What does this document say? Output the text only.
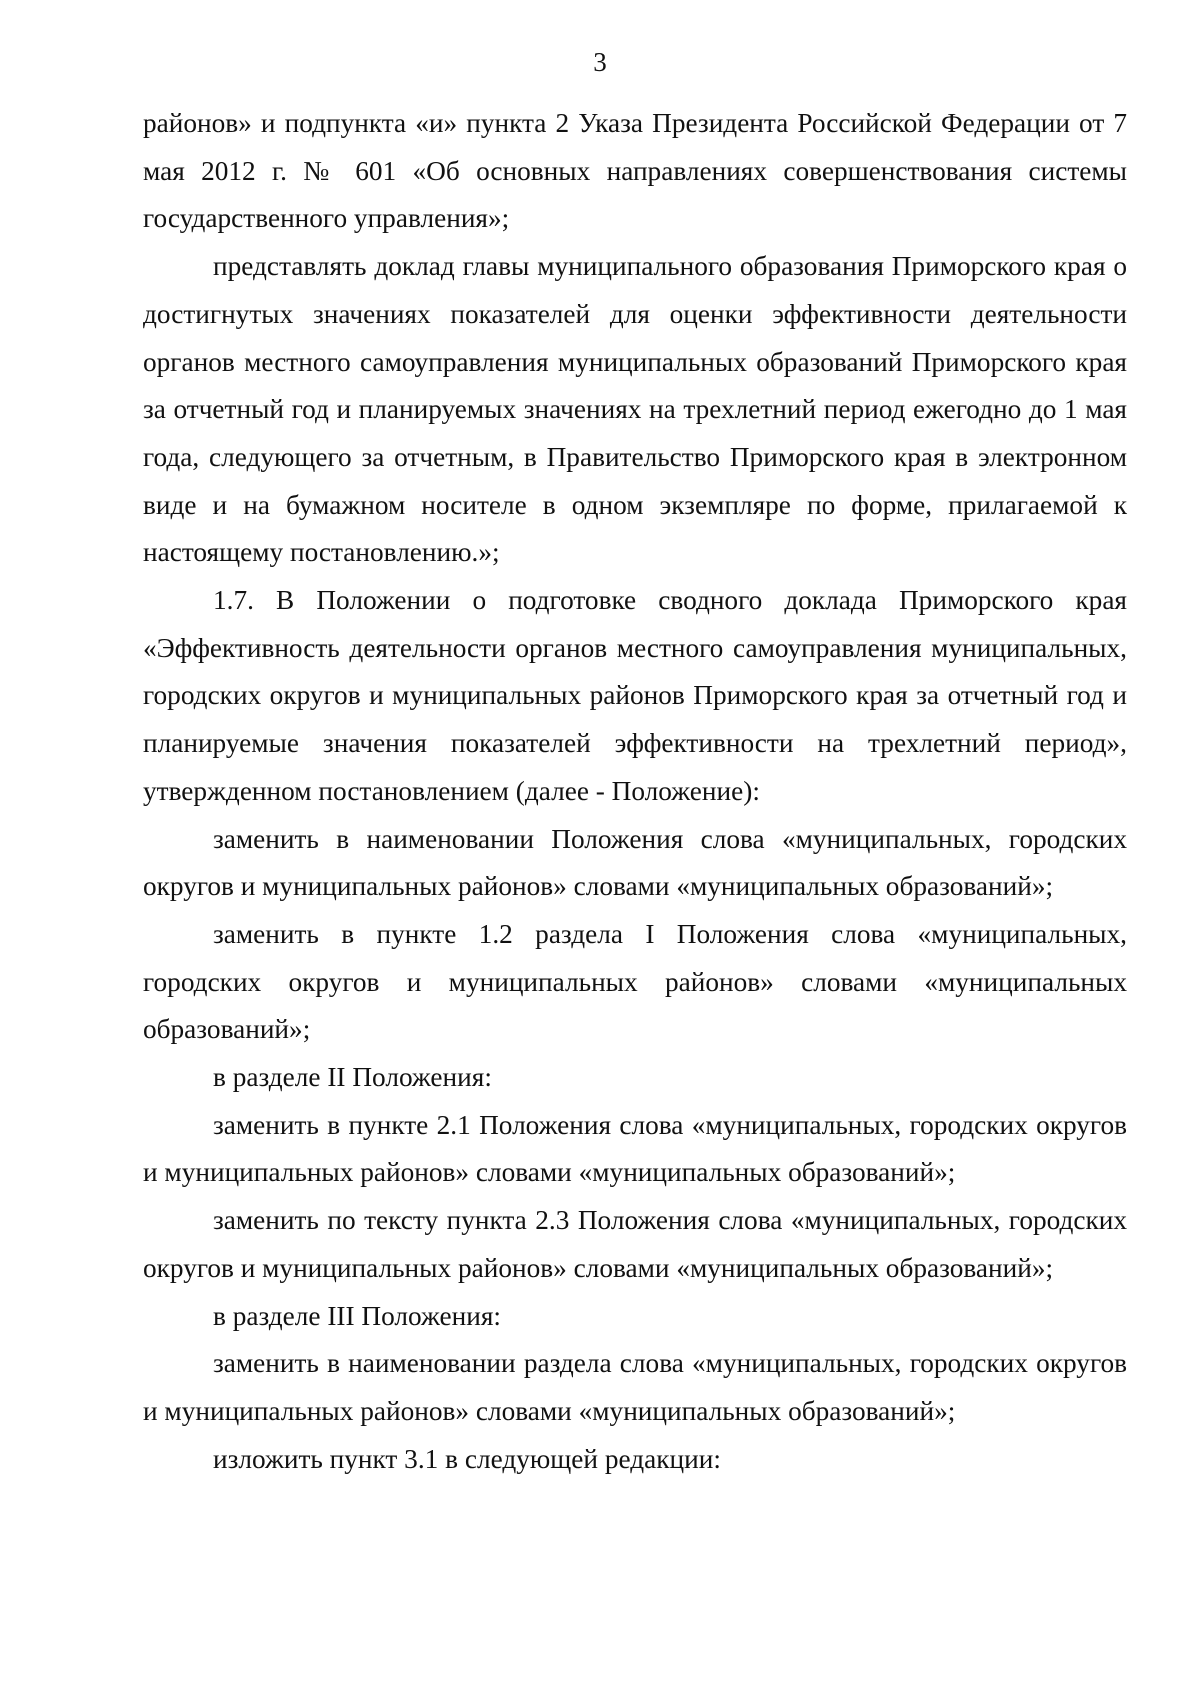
3

районов» и подпункта «и» пункта 2 Указа Президента Российской Федерации от 7 мая 2012 г. № 601 «Об основных направлениях совершенствования системы государственного управления»;

представлять доклад главы муниципального образования Приморского края о достигнутых значениях показателей для оценки эффективности деятельности органов местного самоуправления муниципальных образований Приморского края за отчетный год и планируемых значениях на трехлетний период ежегодно до 1 мая года, следующего за отчетным, в Правительство Приморского края в электронном виде и на бумажном носителе в одном экземпляре по форме, прилагаемой к настоящему постановлению.»;

1.7. В Положении о подготовке сводного доклада Приморского края «Эффективность деятельности органов местного самоуправления муниципальных, городских округов и муниципальных районов Приморского края за отчетный год и планируемые значения показателей эффективности на трехлетний период», утвержденном постановлением (далее - Положение):

заменить в наименовании Положения слова «муниципальных, городских округов и муниципальных районов» словами «муниципальных образований»;

заменить в пункте 1.2 раздела I Положения слова «муниципальных, городских округов и муниципальных районов» словами «муниципальных образований»;

в разделе II Положения:

заменить в пункте 2.1 Положения слова «муниципальных, городских округов и муниципальных районов» словами «муниципальных образований»;

заменить по тексту пункта 2.3 Положения слова «муниципальных, городских округов и муниципальных районов» словами «муниципальных образований»;

в разделе III Положения:

заменить в наименовании раздела слова «муниципальных, городских округов и муниципальных районов» словами «муниципальных образований»;

изложить пункт 3.1 в следующей редакции:
